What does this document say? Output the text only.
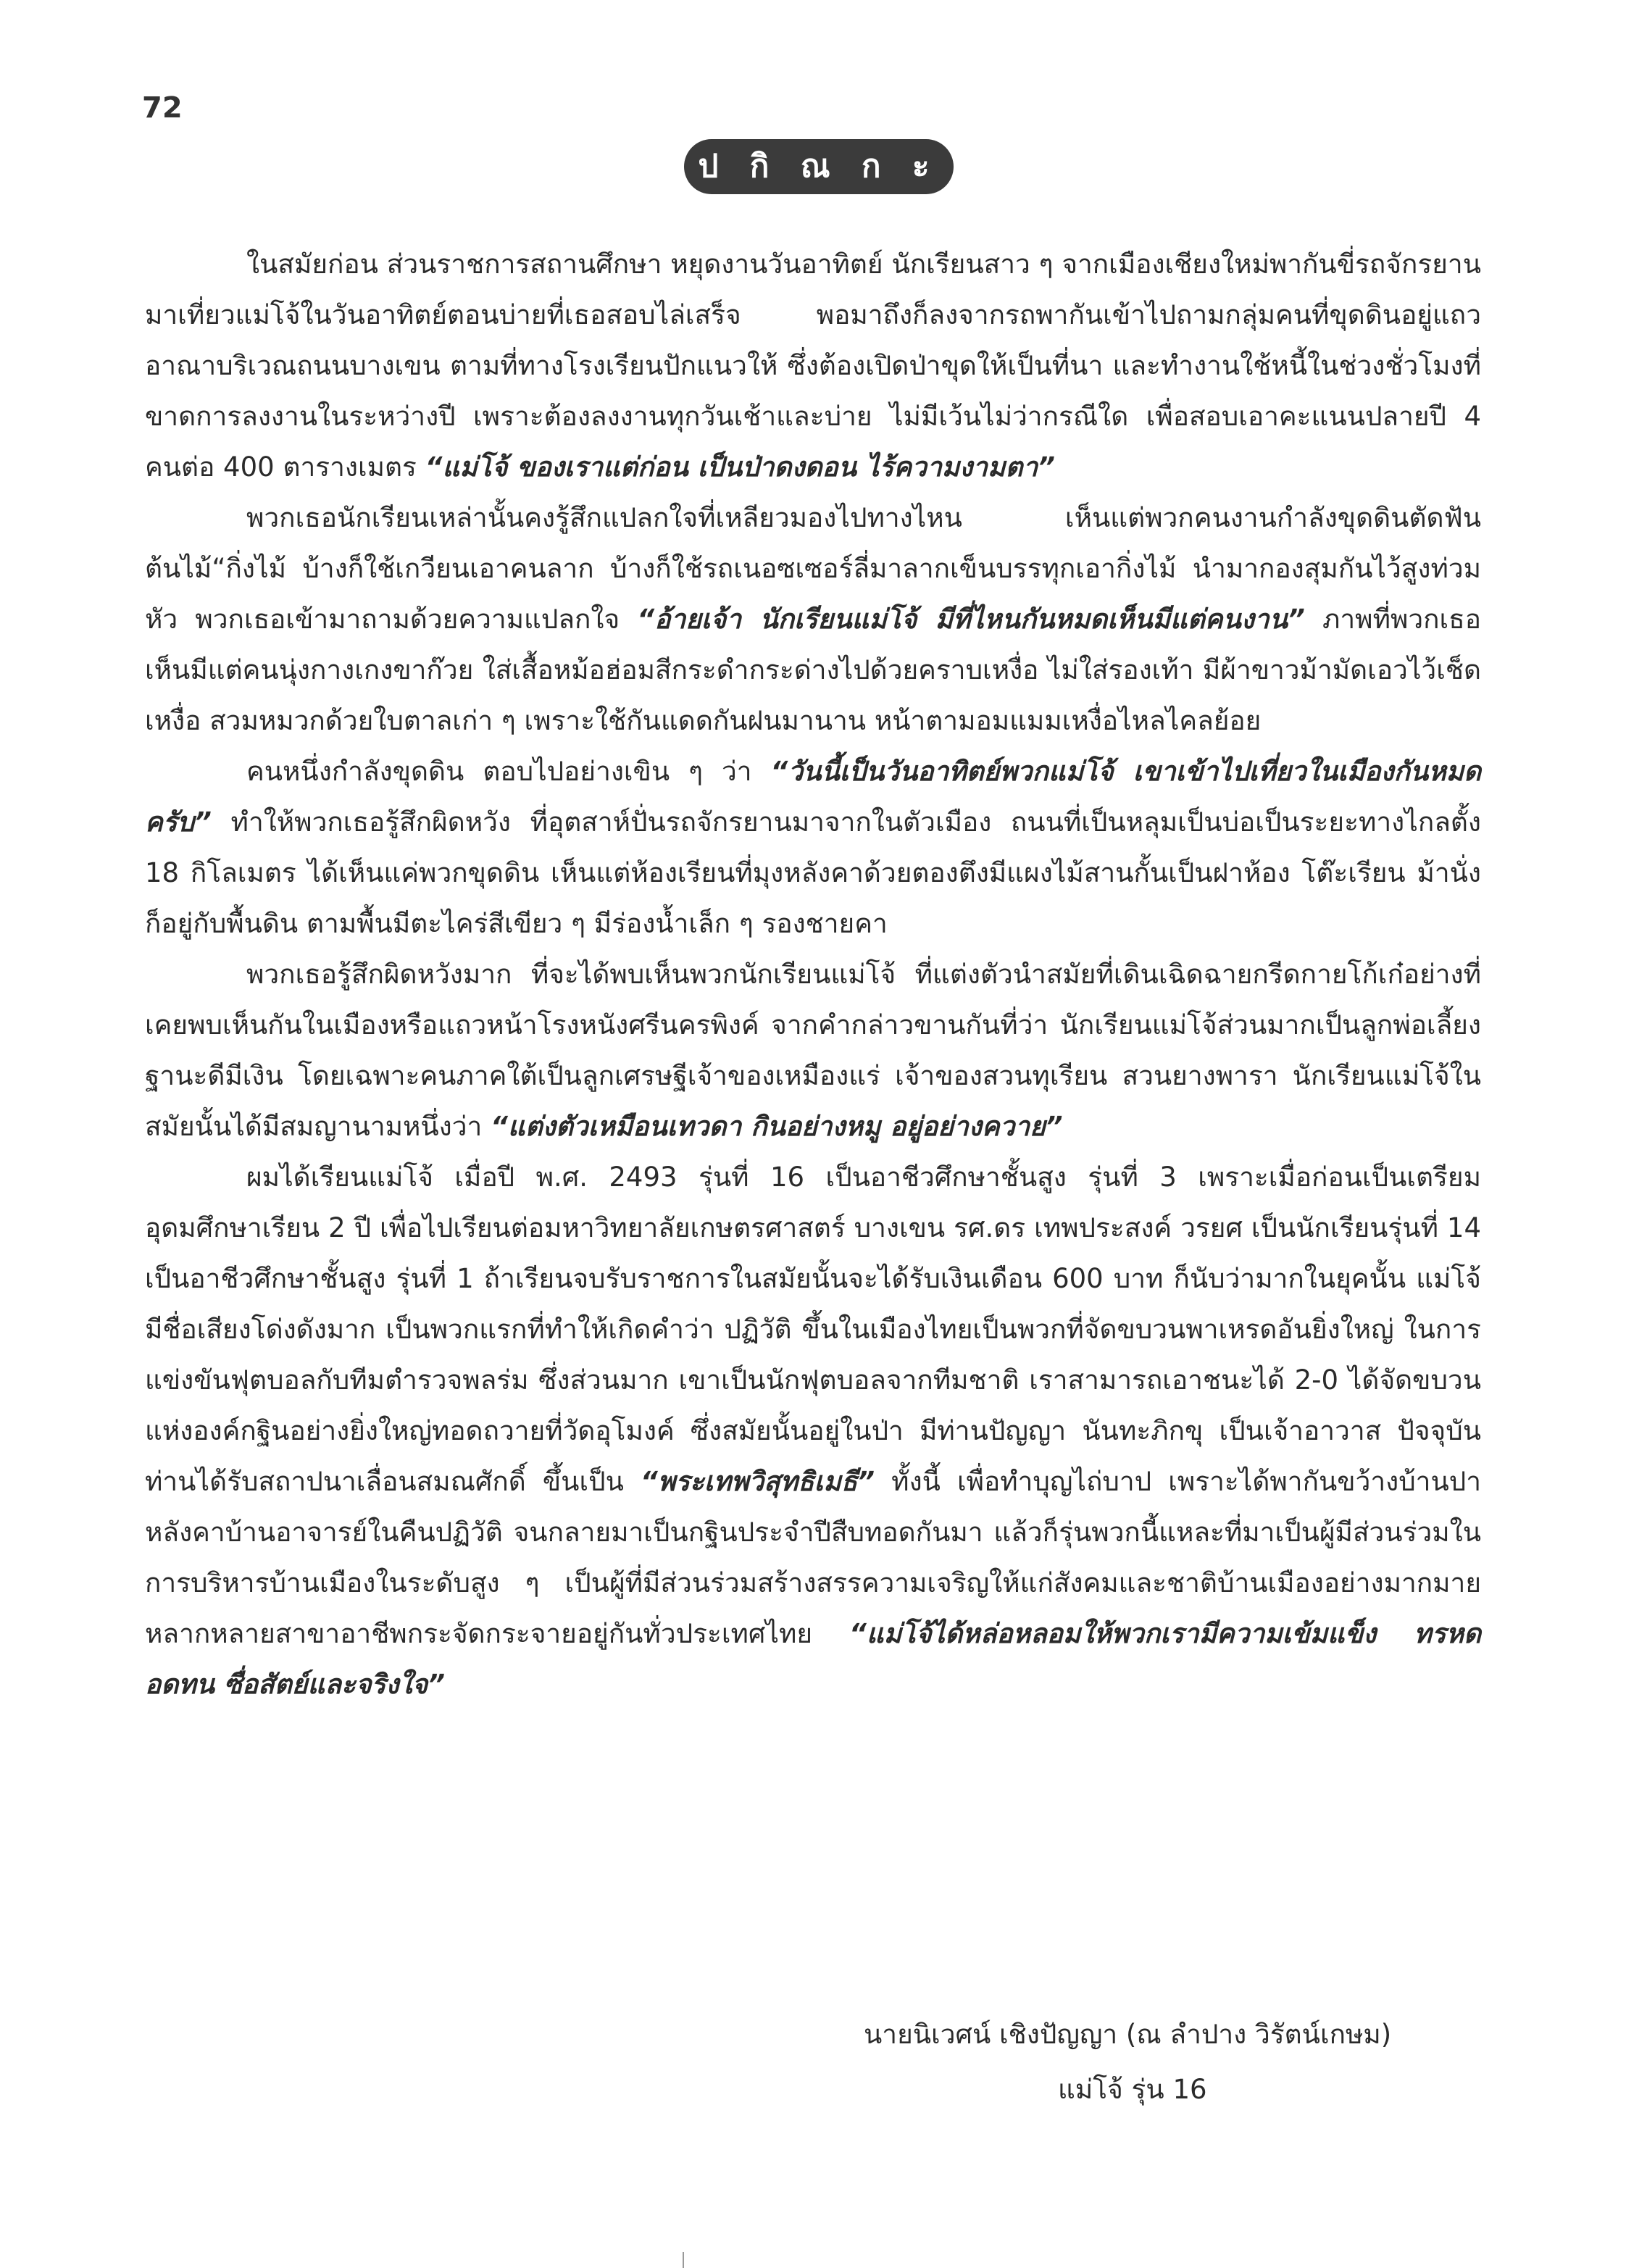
72
ป กิ ณ ก ะ

ในสมัยก่อน ส่วนราชการสถานศึกษา หยุดงานวันอาทิตย์ นักเรียนสาว ๆ จากเมืองเชียงใหม่พากันขี่รถจักรยานมาเที่ยวแม่โจ้ในวันอาทิตย์ตอนบ่ายที่เธอสอบไล่เสร็จ พอมาถึงก็ลงจากรถพากันเข้าไปถามกลุ่มคนที่ขุดดินอยู่แถวอาณาบริเวณถนนบางเขน ตามที่ทางโรงเรียนปักแนวให้ ซึ่งต้องเปิดป่าขุดให้เป็นที่นา และทำงานใช้หนี้ในช่วงชั่วโมงที่ขาดการลงงานในระหว่างปี เพราะต้องลงงานทุกวันเช้าและบ่าย ไม่มีเว้นไม่ว่ากรณีใด เพื่อสอบเอาคะแนนปลายปี 4 คนต่อ 400 ตารางเมตร “แม่โจ้ ของเราแต่ก่อน เป็นป่าดงดอน ไร้ความงามตา”

พวกเธอนักเรียนเหล่านั้นคงรู้สึกแปลกใจที่เหลียวมองไปทางไหน เห็นแต่พวกคนงานกำลังขุดดินตัดฟันต้นไม้“กิ่งไม้ บ้างก็ใช้เกวียนเอาคนลาก บ้างก็ใช้รถเนอซเซอร์ลี่มาลากเข็นบรรทุกเอากิ่งไม้ นำมากองสุมกันไว้สูงท่วมหัว พวกเธอเข้ามาถามด้วยความแปลกใจ “อ้ายเจ้า นักเรียนแม่โจ้ มีที่ไหนกันหมดเห็นมีแต่คนงาน” ภาพที่พวกเธอเห็นมีแต่คนนุ่งกางเกงขาก๊วย ใส่เสื้อหม้อฮ่อมสีกระดำกระด่างไปด้วยคราบเหงื่อ ไม่ใส่รองเท้า มีผ้าขาวม้ามัดเอวไว้เช็ดเหงื่อ สวมหมวกด้วยใบตาลเก่า ๆ เพราะใช้กันแดดกันฝนมานาน หน้าตามอมแมมเหงื่อไหลไคลย้อย

คนหนึ่งกำลังขุดดิน ตอบไปอย่างเขิน ๆ ว่า “วันนี้เป็นวันอาทิตย์พวกแม่โจ้ เขาเข้าไปเที่ยวในเมืองกันหมดครับ” ทำให้พวกเธอรู้สึกผิดหวัง ที่อุตสาห์ปั่นรถจักรยานมาจากในตัวเมือง ถนนที่เป็นหลุมเป็นบ่อเป็นระยะทางไกลตั้ง 18 กิโลเมตร ได้เห็นแค่พวกขุดดิน เห็นแต่ห้องเรียนที่มุงหลังคาด้วยตองตึงมีแผงไม้สานกั้นเป็นฝาห้อง โต๊ะเรียน ม้านั่งก็อยู่กับพื้นดิน ตามพื้นมีตะไคร่สีเขียว ๆ มีร่องน้ำเล็ก ๆ รองชายคา

พวกเธอรู้สึกผิดหวังมาก ที่จะได้พบเห็นพวกนักเรียนแม่โจ้ ที่แต่งตัวนำสมัยที่เดินเฉิดฉายกรีดกายโก้เก๋อย่างที่เคยพบเห็นกันในเมืองหรือแถวหน้าโรงหนังศรีนครพิงค์ จากคำกล่าวขานกันที่ว่า นักเรียนแม่โจ้ส่วนมากเป็นลูกพ่อเลี้ยงฐานะดีมีเงิน โดยเฉพาะคนภาคใต้เป็นลูกเศรษฐีเจ้าของเหมืองแร่ เจ้าของสวนทุเรียน สวนยางพารา นักเรียนแม่โจ้ในสมัยนั้นได้มีสมญานามหนึ่งว่า “แต่งตัวเหมือนเทวดา กินอย่างหมู อยู่อย่างควาย”

ผมได้เรียนแม่โจ้ เมื่อปี พ.ศ. 2493 รุ่นที่ 16 เป็นอาชีวศึกษาชั้นสูง รุ่นที่ 3 เพราะเมื่อก่อนเป็นเตรียมอุดมศึกษาเรียน 2 ปี เพื่อไปเรียนต่อมหาวิทยาลัยเกษตรศาสตร์ บางเขน รศ.ดร เทพประสงค์ วรยศ เป็นนักเรียนรุ่นที่ 14 เป็นอาชีวศึกษาชั้นสูง รุ่นที่ 1 ถ้าเรียนจบรับราชการในสมัยนั้นจะได้รับเงินเดือน 600 บาท ก็นับว่ามากในยุคนั้น แม่โจ้มีชื่อเสียงโด่งดังมาก เป็นพวกแรกที่ทำให้เกิดคำว่า ปฏิวัติ ขึ้นในเมืองไทยเป็นพวกที่จัดขบวนพาเหรดอันยิ่งใหญ่ ในการแข่งขันฟุตบอลกับทีมตำรวจพลร่ม ซึ่งส่วนมาก เขาเป็นนักฟุตบอลจากทีมชาติ เราสามารถเอาชนะได้ 2-0 ได้จัดขบวนแห่งองค์กฐินอย่างยิ่งใหญ่ทอดถวายที่วัดอุโมงค์ ซึ่งสมัยนั้นอยู่ในป่า มีท่านปัญญา นันทะภิกขุ เป็นเจ้าอาวาส ปัจจุบันท่านได้รับสถาปนาเลื่อนสมณศักดิ์ ขึ้นเป็น “พระเทพวิสุทธิเมธี” ทั้งนี้ เพื่อทำบุญไถ่บาป เพราะได้พากันขว้างบ้านปาหลังคาบ้านอาจารย์ในคืนปฏิวัติ จนกลายมาเป็นกฐินประจำปีสืบทอดกันมา แล้วก็รุ่นพวกนี้แหละที่มาเป็นผู้มีส่วนร่วมในการบริหารบ้านเมืองในระดับสูง ๆ เป็นผู้ที่มีส่วนร่วมสร้างสรรความเจริญให้แก่สังคมและชาติบ้านเมืองอย่างมากมายหลากหลายสาขาอาชีพกระจัดกระจายอยู่กันทั่วประเทศไทย “แม่โจ้ได้หล่อหลอมให้พวกเรามีความเข้มแข็ง ทรหดอดทน ซื่อสัตย์และจริงใจ”

นายนิเวศน์ เชิงปัญญา (ณ ลำปาง วิรัตน์เกษม)
แม่โจ้ รุ่น 16
